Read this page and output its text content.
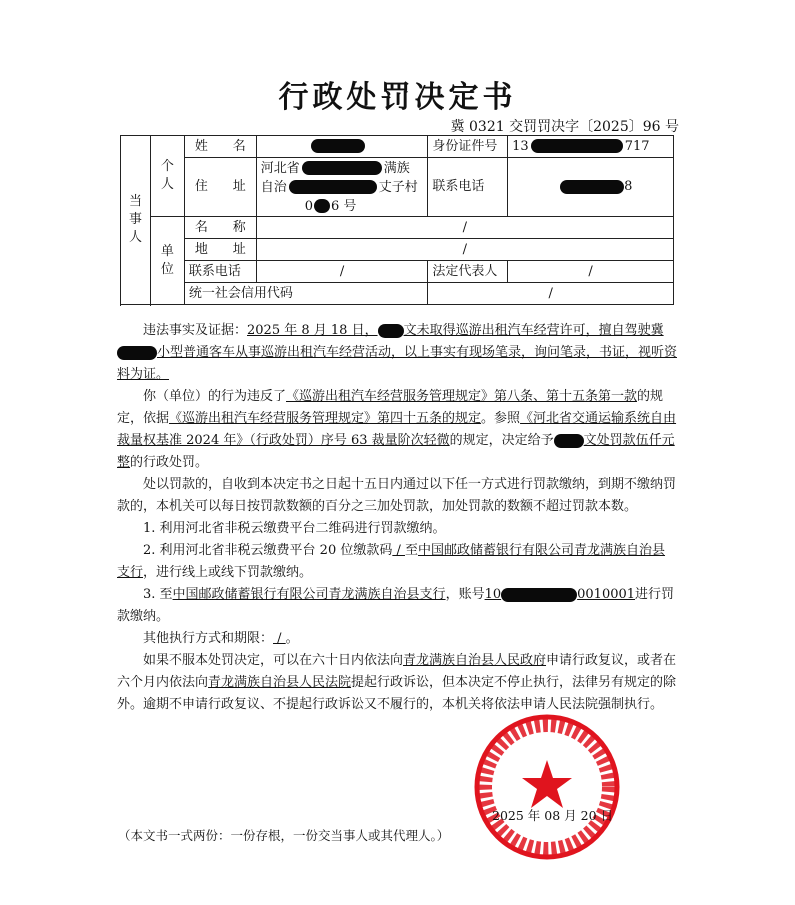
行政处罚决定书
冀 0321 交罚罚决字〔2025〕96 号
当事人	个人	姓 名		身份证件号	13 717
		住 址	河北省 满族
自治 丈子村
0 6 号	联系电话	8

	单位	名 称	/		
		地 址	/		
		联系电话	/	法定代表人	/
		统一社会信用代码		/	

违法事实及证据：2025 年 8 月 18 日， 文未取得巡游出租汽车经营许可，擅自驾驶冀小型普通客车从事巡游出租汽车经营活动，以上事实有现场笔录，询问笔录，书证，视听资料为证。

你（单位）的行为违反了《巡游出租汽车经营服务管理规定》第八条、第十五条第一款的规定，依据《巡游出租汽车经营服务管理规定》第四十五条的规定。参照《河北省交通运输系统自由裁量权基准 2024 年》（行政处罚）序号 63 裁量阶次轻微的规定，决定给予 文处罚款伍仟元整的行政处罚。

处以罚款的，自收到本决定书之日起十五日内通过以下任一方式进行罚款缴纳，到期不缴纳罚款的，本机关可以每日按罚款数额的百分之三加处罚款，加处罚款的数额不超过罚款本数。

1. 利用河北省非税云缴费平台二维码进行罚款缴纳。

2. 利用河北省非税云缴费平台 20 位缴款码 / 至中国邮政储蓄银行有限公司青龙满族自治县支行，进行线上或线下罚款缴纳。

3. 至中国邮政储蓄银行有限公司青龙满族自治县支行，账号10	0010001进行罚款缴纳。

其他执行方式和期限： / 。

如果不服本处罚决定，可以在六十日内依法向青龙满族自治县人民政府申请行政复议，或者在六个月内依法向青龙满族自治县人民法院提起行政诉讼，但本决定不停止执行，法律另有规定的除外。逾期不申请行政复议、不提起行政诉讼又不履行的，本机关将依法申请人民法院强制执行。

2025 年 08 月 20 日
（本文书一式两份：一份存根，一份交当事人或其代理人。）
